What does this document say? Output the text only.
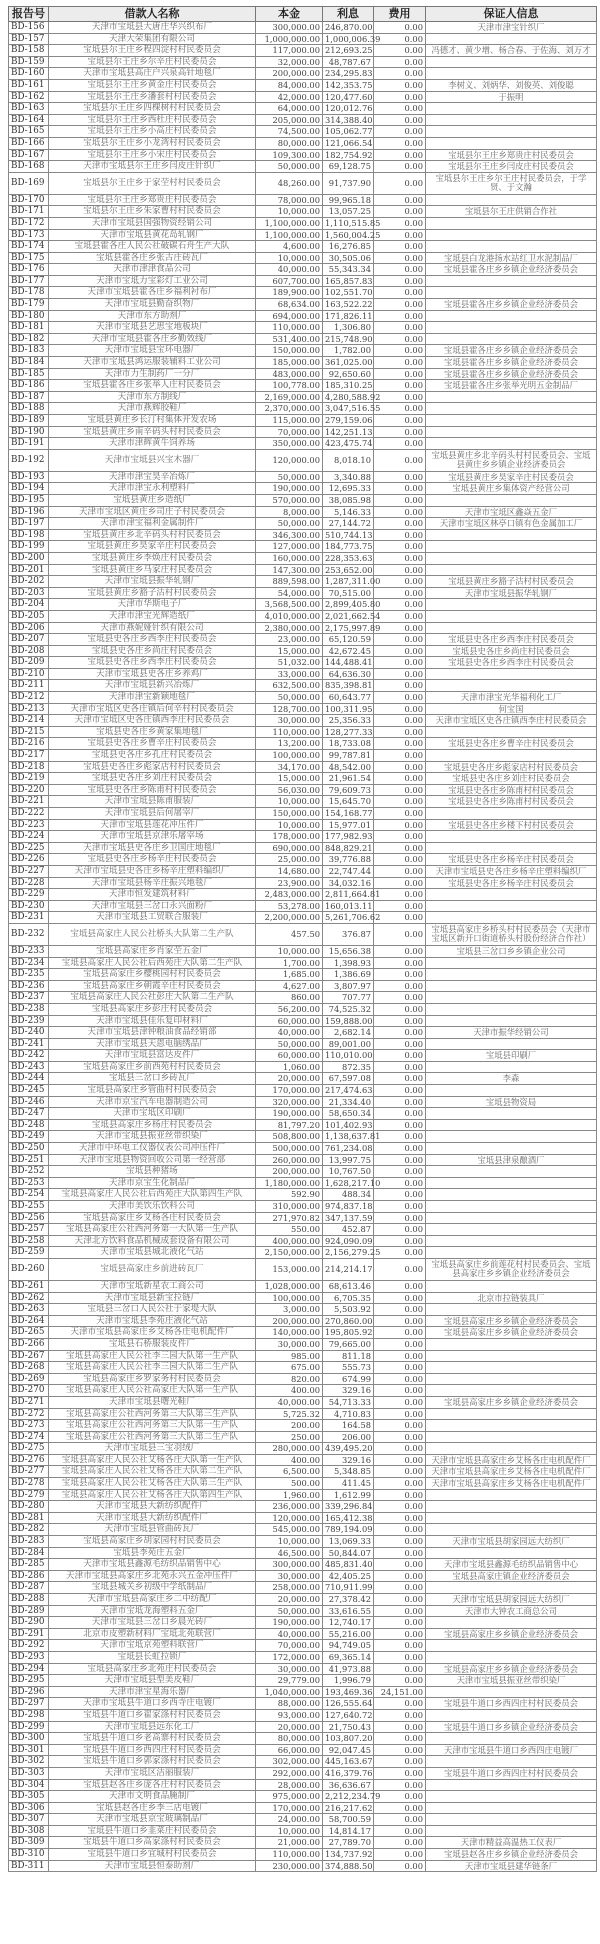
报告号	借款人名称	本金	利息	费用	保证人信息
BD-156	天津市宝坻县大唐庄华兴织布厂	300,000.00	246,870.00	0.00	天津市津宝针织厂
BD-157	天津大荣集团有限公司	1,000,000.00	1,000,006.39	0.00	
BD-158	宝坻县尔王庄乡程四淀村村民委员会	117,000.00	212,693.25	0.00	冯德才、黄少增、杨合春、于佐海、刘万才
BD-159	宝坻县尔王庄乡尔辛庄村民委员会	32,000.00	48,787.67	0.00	
BD-160	天津市宝坻县高庄户兴泉高针地毯厂	200,000.00	234,295.83	0.00	
BD-161	宝坻县尔王庄乡黄金庄村民委员会	84,000.00	142,353.75	0.00	李树义、刘炳华、刘俊英、刘俊聪
BD-162	宝坻县尔王庄乡潘套村村民委员会	42,000.00	120,477.60	0.00	于振明
BD-163	宝坻县尔王庄乡四棵树村村民委员会	64,000.00	120,012.76	0.00	
BD-164	宝坻县尔王庄乡西杜庄村民委员会	205,000.00	314,388.40	0.00	
BD-165	宝坻县尔王庄乡小高庄村民委员会	74,500.00	105,062.77	0.00	
BD-166	宝坻县尔王庄乡小龙湾村村民委员会	80,000.00	121,066.54	0.00	
BD-167	宝坻县尔王庄乡小宋庄村民委员会	109,300.00	182,754.92	0.00	宝坻县尔王庄乡郑贵庄村民委员会
BD-168	天津市宝坻县尔王庄乡闫皮庄针织厂	50,000.00	69,128.75	0.00	宝坻县尔王庄乡闫皮庄村民委员会
BD-169	宝坻县尔王庄乡于家茔村村民委员会	48,260.00	91,737.90	0.00	宝坻县尔王庄乡尔王庄村民委员会，于学贤、于文瀚
BD-170	宝坻县尔王庄乡郑贵庄村民委员会	78,000.00	99,965.18	0.00	
BD-171	宝坻县尔王庄乡朱家曹村村民委员会	10,000.00	13,057.25	0.00	宝坻县尔王庄供销合作社
BD-172	天津市宝坻县国强物资经销公司	1,100,000.00	1,110,515.85	0.00	
BD-173	天津市宝坻县黄花岛轧钢厂	1,100,000.00	1,560,004.25	0.00	
BD-174	宝坻县霍各庄人民公社破碳石舟生产大队	4,600.00	16,276.85	0.00	
BD-175	宝坻县霍各庄乡张古庄砖瓦厂	10,000.00	30,505.06	0.00	宝坻县白龙港扬水站红卫水泥制品厂
BD-176	天津市津津食品公司	40,000.00	55,343.34	0.00	宝坻县霍各庄乡乡镇企业经济委员会
BD-177	天津市宝坻力宝彩灯工业公司	607,700.00	165,857.83	0.00	
BD-178	天津市宝坻县霍各庄乡福利衬布厂	189,900.00	102,551.70	0.00	
BD-179	天津市宝坻县勤奋织物厂	68,634.00	163,522.22	0.00	宝坻县霍各庄乡乡镇企业经济委员会
BD-180	天津市东方助剂厂	694,000.00	171,826.11	0.00	
BD-181	天津市宝坻县艺思宝地板块厂	110,000.00	1,306.80	0.00	
BD-182	天津市宝坻县霍各庄乡勤效线厂	531,400.00	215,748.90	0.00	
BD-183	天津市宝坻县宝环电器厂	150,000.00	1,782.00	0.00	宝坻县霍各庄乡乡镇企业经济委员会
BD-184	天津市宝坻县鸿运服装辅料工业公司	185,000.00	361,025.00	0.00	宝坻县霍各庄乡乡镇企业经济委员会
BD-185	天津市力生制药厂一分厂	483,000.00	92,650.60	0.00	宝坻县霍各庄乡乡镇企业经济委员会
BD-186	宝坻县霍各庄乡张举人庄村民委员会	100,778.00	185,310.25	0.00	宝坻县霍各庄乡张举光明五金制品厂
BD-187	天津市东方制线厂	2,169,000.00	4,280,588.92	0.00	
BD-188	天津市燕辉胶鞋厂	2,370,000.00	3,047,516.55	0.00	
BD-189	宝坻县黄庄乡长汀村集体开发农场	115,000.00	279,159.06	0.00	
BD-190	宝坻县黄庄乡南辛码头村村民委员会	70,000.00	142,251.13	0.00	
BD-191	天津市津辉黄牛饲养场	350,000.00	423,475.74	0.00	
BD-192	天津市宝坻县兴宝木器厂	120,000.00	8,018.10	0.00	宝坻县黄庄乡北辛码头村村民委员会、宝坻县黄庄乡乡镇企业经济委员会
BD-193	天津市津宝昊辛冶炼厂	50,000.00	3,340.88	0.00	宝坻县黄庄乡昊家辛庄村民委员会
BD-194	天津市津宝永利塑料厂	190,000.00	12,695.33	0.00	宝坻县黄庄乡集体资产经营公司
BD-195	宝坻县黄庄乡造纸厂	570,000.00	38,085.98	0.00	
BD-196	天津市宝坻区黄庄乡司庄子村民委员会	8,000.00	5,146.33	0.00	天津市宝坻区鑫焱五金厂
BD-197	天津市津宝福利金属制件厂	50,000.00	27,144.72	0.00	天津市宝坻区林亭口镇有色金属加工厂
BD-198	宝坻县黄庄乡北辛码头村村民委员会	346,300.00	510,744.13	0.00	
BD-199	宝坻县黄庄乡昊家辛庄村民委员会	127,000.00	184,773.75	0.00	
BD-200	宝坻县黄庄乡李焕庄村民委员会	160,000.00	228,353.63	0.00	
BD-201	宝坻县黄庄乡马家庄村民委员会	147,300.00	253,652.00	0.00	
BD-202	天津市宝坻县振华轧钢厂	889,598.00	1,287,311.00	0.00	宝坻县黄庄乡豁子沽村村民委员会
BD-203	宝坻县黄庄乡豁子沽村村民委员会	54,000.00	70,515.00	0.00	天津市宝坻县振华轧钢厂
BD-204	天津市华斯电子厂	3,568,500.00	2,899,405.80	0.00	
BD-205	天津市津宝光辉造纸厂	4,010,000.00	2,021,662.54	0.00	
BD-206	天津市燕妮娅针织有限公司	2,380,000.00	2,175,997.89	0.00	
BD-207	宝坻县史各庄乡西李庄村民委员会	23,000.00	65,120.59	0.00	宝坻县史各庄乡西李庄村民委员会
BD-208	宝坻县史各庄乡尚庄村民委员会	15,000.00	42,672.45	0.00	宝坻县史各庄乡尚庄村民委员会
BD-209	宝坻县史各庄乡西李庄村民委员会	51,032.00	144,488.41	0.00	宝坻县史各庄乡西李庄村民委员会
BD-210	天津市宝坻县史各庄乡养鸡厂	33,000.00	64,636.30	0.00	
BD-211	天津市宝坻县新兴冶炼厂	632,500.00	835,398.81	0.00	
BD-212	天津市津宝新颖地毯厂	50,000.00	60,643.77	0.00	天津市津宝光华福利化工厂
BD-213	天津市宝坻区史各庄镇后何辛村村民委员会	128,700.00	100,311.95	0.00	何宝国
BD-214	天津市宝坻区史各庄镇西李庄村民委员会	30,000.00	25,356.33	0.00	天津市宝坻区史各庄镇西李庄村民委员会
BD-215	宝坻县史各庄乡黄家集地毯厂	110,000.00	128,277.33	0.00	
BD-216	宝坻县史各庄乡曹辛庄村民委员会	13,200.00	18,733.08	0.00	宝坻县史各庄乡曹辛庄村民委员会
BD-217	宝坻县史各庄乡孔庄村民委员会	100,000.00	99,787.81	0.00	
BD-218	宝坻县史各庄乡彪家店村村民委员会	34,170.00	48,542.00	0.00	宝坻县史各庄乡彪家店村村民委员会
BD-219	宝坻县史各庄乡刘庄村民委员会	15,000.00	21,961.54	0.00	宝坻县史各庄乡刘庄村民委员会
BD-220	宝坻县史各庄乡陈甫村村民委员会	56,030.00	79,609.73	0.00	宝坻县史各庄乡陈甫村村民委员会
BD-221	天津市宝坻县陈甫服装厂	10,000.00	15,645.70	0.00	宝坻县史各庄乡陈甫村村民委员会
BD-222	天津市宝坻县后何屠宰厂	150,000.00	154,168.77	0.00	
BD-223	天津市宝坻县莲花冲压件厂	10,000.00	15,977.01	0.00	宝坻县史各庄乡楼下村村民委员会
BD-224	天津市宝坻县京津乐屠宰场	178,000.00	177,982.93	0.00	
BD-225	天津市宝坻县史各庄乡卫国庄地毯厂	690,000.00	848,829.21	0.00	
BD-226	宝坻县史各庄乡杨辛庄村民委员会	25,000.00	39,776.88	0.00	宝坻县史各庄乡杨辛庄村民委员会
BD-227	天津市宝坻县史各庄乡杨辛庄塑料编织厂	14,680.00	22,747.44	0.00	天津市宝坻县史各庄乡杨辛庄塑料编织厂
BD-228	天津市宝坻县杨辛庄振兴地毯厂	23,900.00	34,032.16	0.00	宝坻县史各庄乡杨辛庄村民委员会
BD-229	天津市恒发建筑材料厂	2,483,000.00	2,811,664.81	0.00	
BD-230	天津市宝坻县三岔口永兴面粉厂	53,278.00	160,013.11	0.00	
BD-231	天津市宝坻县工贸联合服装厂	2,200,000.00	5,261,706.62	0.00	
BD-232	宝坻县高家庄人民公社桥头大队第二生产队	457.50	376.87	0.00	宝坻县高家庄乡桥头村村民委员会（天津市宝坻区新开口街道桥头村股份经济合作社）
BD-233	宝坻县高家庄乡肖家茔五金厂	10,000.00	15,656.38	0.00	宝坻县三岔口乡乡镇企业公司
BD-234	宝坻县高家庄人民公社后西苑庄大队第二生产队	1,700.00	1,398.93	0.00	
BD-235	宝坻县高家庄乡樱桃园村村民委员会	1,685.00	1,386.69	0.00	
BD-236	宝坻县高家庄乡朝霞辛庄村民委员会	4,627.00	3,807.97	0.00	
BD-237	宝坻县高家庄人民公社彭庄大队第二生产队	860.00	707.77	0.00	
BD-238	宝坻县高家庄乡彭庄村民委员会	56,200.00	74,525.32	0.00	
BD-239	天津市宝坻县佳乐复印材料厂	60,000.00	159,888.00	0.00	
BD-240	天津市宝坻县津钟粮油食品经销部	40,000.00	2,682.14	0.00	天津市振华经销公司
BD-241	天津市宝坻县天恩电脑绣品厂	50,000.00	89,001.00	0.00	
BD-242	天津市宝坻县富达皮件厂	60,000.00	110,010.00	0.00	宝坻县印刷厂
BD-243	宝坻县高家庄乡前西苑村村民委员会	1,060.00	872.35	0.00	
BD-244	宝坻县三岔口乡砖瓦厂	20,000.00	67,597.08	0.00	李森
BD-245	宝坻县高家庄乡管曲村村民委员会	170,000.00	217,474.63	0.00	
BD-246	天津市京宝汽车电器制造公司	320,000.00	21,334.40	0.00	宝坻县物资局
BD-247	天津市宝坻区印刷厂	190,000.00	58,650.34	0.00	
BD-248	宝坻县高家庄乡杨庄村民委员会	81,797.20	101,402.93	0.00	
BD-249	天津市宝坻县振亚丝带织染厂	508,800.00	1,138,637.81	0.00	
BD-250	天津市中环电工仪器仪表公司冲压件厂	500,000.00	761,234.08	0.00	
BD-251	天津市宝坻县物资回收公司第一经营部	260,000.00	13,997.75	0.00	宝坻县津泉酿酒厂
BD-252	宝坻县种猪场	200,000.00	10,767.50	0.00	
BD-253	天津市京宝生化制品厂	1,180,000.00	1,628,217.10	0.00	
BD-254	宝坻县高家庄人民公社后西苑庄大队第四生产队	592.90	488.34	0.00	
BD-255	天津市美饮乐饮料公司	310,000.00	974,837.18	0.00	
BD-256	宝坻县高家庄乡艾杨各庄村民委员会	271,970.82	347,137.59	0.00	
BD-257	宝坻县高家庄公社西河务第一大队第一生产队	550.00	452.87	0.00	
BD-258	天津北方饮料食品机械成套设备有限公司	400,000.00	924,090.09	0.00	
BD-259	天津市宝坻县城北液化气站	2,150,000.00	2,156,279.25	0.00	
BD-260	宝坻县高家庄乡前进砖瓦厂	153,000.00	214,214.17	0.00	宝坻县高家庄乡前莲花村村民委员会、宝坻县高家庄乡乡镇企业经济委员会
BD-261	天津市宝坻新星农工商公司	1,028,000.00	68,613.46	0.00	
BD-262	天津市宝坻县新宝拉链厂	100,000.00	6,705.35	0.00	北京市拉链装具厂
BD-263	宝坻县三岔口人民公社于家堤大队	3,000.00	5,503.92	0.00	
BD-264	天津市宝坻县李苑庄液化气站	200,000.00	270,860.00	0.00	宝坻县高家庄乡乡镇企业经济委员会
BD-265	天津市宝坻县高家庄乡艾杨各庄电机配件厂	140,000.00	195,805.92	0.00	宝坻县高家庄乡乡镇企业经济委员会
BD-266	宝坻县石桥服装皮件厂	30,000.00	79,665.00	0.00	
BD-267	宝坻县高家庄人民公社李三园大队第一生产队	985.00	811.18	0.00	
BD-268	宝坻县高家庄人民公社李三园大队第二生产队	675.00	555.73	0.00	
BD-269	宝坻县高家庄乡罗家务村村民委员会	820.00	674.99	0.00	
BD-270	宝坻县高家庄人民公社高家庄大队第一生产队	400.00	329.16	0.00	
BD-271	天津市宝坻县曙光鞋厂	40,000.00	54,713.33	0.00	宝坻县高家庄乡乡镇企业经济委员会
BD-272	宝坻县高家庄公社西河务第三大队第三生产队	5,725.32	4,710.83	0.00	
BD-273	宝坻县高家庄公社西河务第三大队第一生产队	200.00	164.58	0.00	
BD-274	宝坻县高家庄公社西河务第三大队第二生产队	250.00	206.00	0.00	
BD-275	天津市宝坻县三宝羽绒厂	280,000.00	439,495.20	0.00	
BD-276	宝坻县高家庄人民公社艾杨各庄大队第一生产队	400.00	329.16	0.00	天津市宝坻县高家庄乡艾杨各庄电机配件厂
BD-277	宝坻县高家庄人民公社艾杨各庄大队第二生产队	6,500.00	5,348.85	0.00	天津市宝坻县高家庄乡艾杨各庄电机配件厂
BD-278	宝坻县高家庄人民公社艾杨各庄大队第三生产队	500.00	411.45	0.00	天津市宝坻县高家庄乡艾杨各庄电机配件厂
BD-279	宝坻县高家庄人民公社艾杨各庄大队第四生产队	1,960.00	1,612.99	0.00	
BD-280	天津市宝坻县大新纺织配件厂	236,000.00	339,296.84	0.00	
BD-281	天津市宝坻县大新纺织配件厂	120,000.00	165,412.38	0.00	
BD-282	天津市宝坻县管曲砖瓦厂	545,000.00	789,194.09	0.00	
BD-283	宝坻县高家庄乡胡家园村村民委员会	10,000.00	13,069.33	0.00	天津市宝坻县胡家园远大纺织厂
BD-284	宝坻县李苑庄五金厂	46,500.00	50,844.07	0.00	
BD-285	天津市宝坻县鑫源毛纺织品销售中心	300,000.00	485,831.40	0.00	天津市宝坻县鑫源毛纺织品销售中心
BD-286	天津市宝坻县高家庄乡北苑永兴五金冲压件厂	30,000.00	42,405.25	0.00	宝坻县高家庄镇企业经济委员会
BD-287	宝坻县城关乡初级中学纸制品厂	258,000.00	710,911.99	0.00	
BD-288	天津市宝坻县高家庄乡二中纺配厂	20,000.00	27,378.42	0.00	天津市宝坻县胡家园远大纺织厂
BD-289	天津市宝坻龙海塑料五金厂	50,000.00	33,616.55	0.00	天津市大钟农工商总公司
BD-290	天津市宝坻县三岔口乡晨光砖厂	190,000.00	12,740.17	0.00	
BD-291	北京市皮塑新材料厂宝坻北苑联营厂	40,000.00	55,216.00	0.00	宝坻县高家庄乡乡镇企业经济委员会
BD-292	天津市宝坻京苑塑料联营厂	70,000.00	94,749.05	0.00	
BD-293	宝坻县长虹拉锁厂	172,000.00	69,365.14	0.00	
BD-294	宝坻县高家庄乡北苑庄村民委员会	30,000.00	41,973.88	0.00	宝坻县高家庄乡乡镇企业经济委员会
BD-295	天津市宝坻县型美皮鞋厂	29,779.00	1,996.79	0.00	天津市宝坻县振亚丝带织染厂
BD-296	天津市津宝星海乐器厂	1,040,000.00	193,469.36	24,151.00	
BD-297	天津市宝坻县牛道口乡西寺庄电镀厂	88,000.00	126,555.64	0.00	宝坻县牛道口乡西四庄村村民委员会
BD-298	宝坻县牛道口乡翟家涤村村民委员会	93,000.00	127,640.72	0.00	
BD-299	天津市宝坻县远东化工厂	20,000.00	21,750.43	0.00	宝坻县牛道口乡乡镇企业经济委员会
BD-300	宝坻县牛道口乡老高寨村村民委员会	80,000.00	103,807.20	0.00	
BD-301	宝坻县牛道口乡西四庄村村民委员会	66,000.00	92,047.45	0.00	天津市宝坻县牛道口乡西四庄电镀厂
BD-302	宝坻县牛道口乡郭家涤村村民委员会	302,000.00	445,163.67	0.00	
BD-303	天津市宝坻区洁丽服装厂	292,000.00	416,379.76	0.00	宝坻县牛道口乡西四庄村村民委员会
BD-304	宝坻县赵各庄乡庞各庄村村民委员会	28,000.00	36,636.67	0.00	
BD-305	天津市文明食品腌制厂	975,000.00	2,212,234.79	0.00	
BD-306	宝坻县赵各庄乡李三店电镀厂	170,000.00	216,217.62	0.00	
BD-307	天津市宝坻县京宝玻璃制品厂	24,000.00	58,700.59	0.00	
BD-308	宝坻县牛道口乡韭菜庄村民委员会	10,000.00	14,814.17	0.00	
BD-309	宝坻县牛道口乡高家涤村村民委员会	21,000.00	27,789.70	0.00	天津市精益高温热工仪表厂
BD-310	宝坻县牛道口乡宜城村村民委员会	110,000.00	134,737.92	0.00	宝坻县赵各庄乡乡镇企业经济委员会
BD-311	天津市宝坻县恒泰助剂厂	230,000.00	374,888.50	0.00	天津市宝坻县建华链条厂
